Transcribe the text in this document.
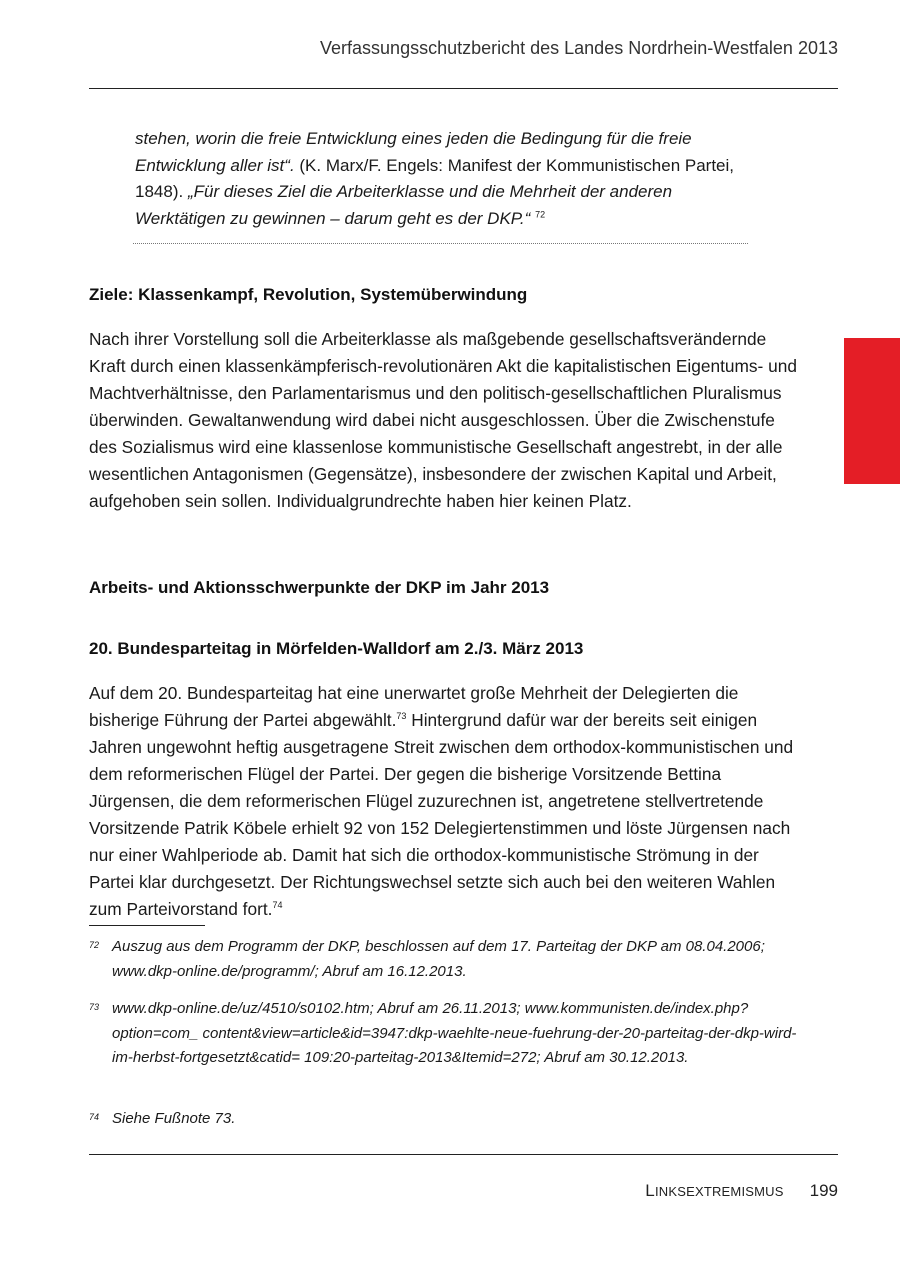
Verfassungsschutzbericht des Landes Nordrhein-Westfalen 2013
stehen, worin die freie Entwicklung eines jeden die Bedingung für die freie Entwicklung aller ist“. (K. Marx/F. Engels: Manifest der Kommunistischen Partei, 1848). „Für dieses Ziel die Arbeiterklasse und die Mehrheit der anderen Werktätigen zu gewinnen – darum geht es der DKP.“ $^{72}$
Ziele: Klassenkampf, Revolution, Systemüberwindung
Nach ihrer Vorstellung soll die Arbeiterklasse als maßgebende gesellschaftsverändernde Kraft durch einen klassenkämpferisch-revolutionären Akt die kapitalistischen Eigentums- und Machtverhältnisse, den Parlamentarismus und den politisch-gesellschaftlichen Pluralismus überwinden. Gewaltanwendung wird dabei nicht ausgeschlossen. Über die Zwischenstufe des Sozialismus wird eine klassenlose kommunistische Gesellschaft angestrebt, in der alle wesentlichen Antagonismen (Gegensätze), insbesondere der zwischen Kapital und Arbeit, aufgehoben sein sollen. Individualgrundrechte haben hier keinen Platz.
Arbeits- und Aktionsschwerpunkte der DKP im Jahr 2013
20. Bundesparteitag in Mörfelden-Walldorf am 2./3. März 2013
Auf dem 20. Bundesparteitag hat eine unerwartet große Mehrheit der Delegierten die bisherige Führung der Partei abgewählt.$^{73}$ Hintergrund dafür war der bereits seit einigen Jahren ungewohnt heftig ausgetragene Streit zwischen dem orthodox-kommunistischen und dem reformerischen Flügel der Partei. Der gegen die bisherige Vorsitzende Bettina Jürgensen, die dem reformerischen Flügel zuzurechnen ist, angetretene stellvertretende Vorsitzende Patrik Köbele erhielt 92 von 152 Delegiertenstimmen und löste Jürgensen nach nur einer Wahlperiode ab. Damit hat sich die orthodox-kommunistische Strömung in der Partei klar durchgesetzt. Der Richtungswechsel setzte sich auch bei den weiteren Wahlen zum Parteivorstand fort.$^{74}$
72 Auszug aus dem Programm der DKP, beschlossen auf dem 17. Parteitag der DKP am 08.04.2006; www.dkp-online.de/programm/; Abruf am 16.12.2013.
73 www.dkp-online.de/uz/4510/s0102.htm; Abruf am 26.11.2013; www.kommunisten.de/index.php?option=com_ content&view=article&id=3947:dkp-waehlte-neue-fuehrung-der-20-parteitag-der-dkp-wird-im-herbst-fortgesetzt&catid= 109:20-parteitag-2013&Itemid=272; Abruf am 30.12.2013.
74 Siehe Fußnote 73.
LINKSEXTREMISMUS 199
